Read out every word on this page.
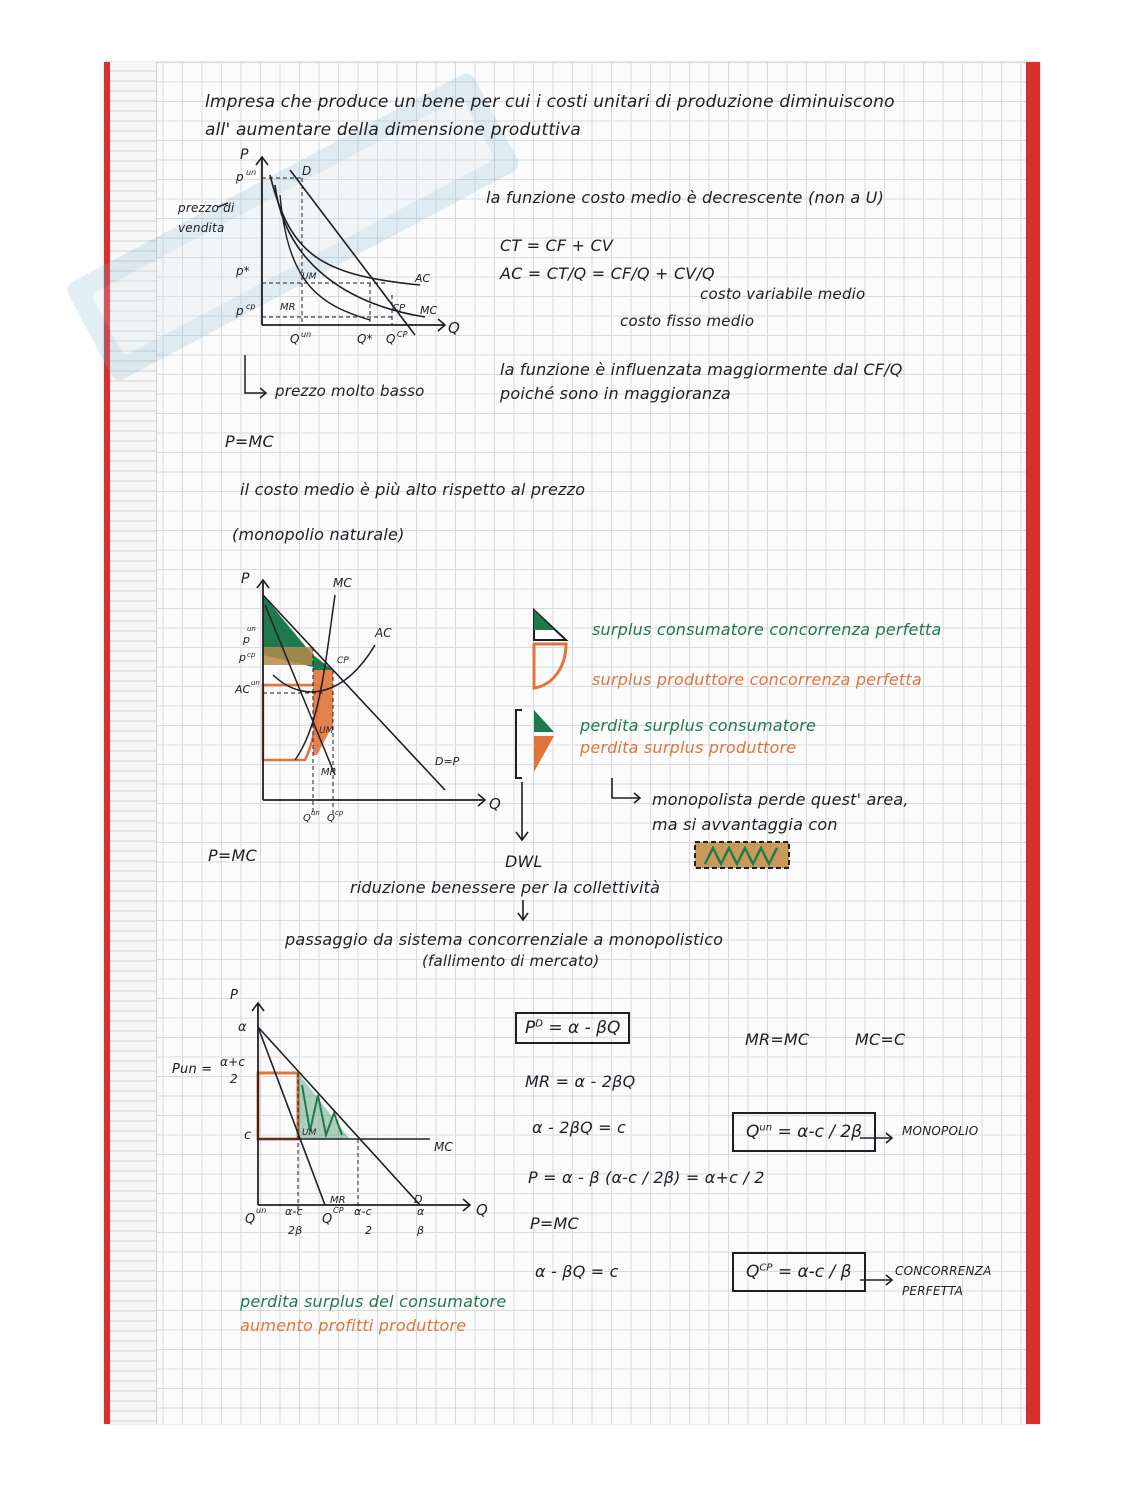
lmpresa che produce un bene per cui i costi unitari di produzione diminuiscono

all' aumentare della dimensione produttiva

P
Q
p un
p*
p cp
D
AC
MC
UM
MR	CP
Q un	Q* Q CP

prezzo di vendita

prezzo molto basso

la funzione costo medio è decrescente (non a U)

CT = CF + CV

AC = CT/Q = CF/Q + CV/Q

costo variabile medio

costo fisso medio

la funzione è influenzata maggiormente dal CF/Q

poiché sono in maggioranza

P=MC

il costo medio è più alto rispetto al prezzo

(monopolio naturale)

P
Q
MC
AC
CP
UM
MR
D=P
p
un
p cp
AC un
Q un Q cp

surplus consumatore concorrenza perfetta

surplus produttore concorrenza perfetta

perdita surplus consumatore

perdita surplus produttore

monopolista perde quest' area,

ma si avvantaggia con

P=MC	DWL

riduzione benessere per la collettività

passaggio da sistema concorrenziale a monopolistico

(fallimento di mercato)

P
Q
α
c
MC
UM
MR	D

Pun = α+c

2

Q

un α-c

2β

Q

CP α-c

2

α

β

$P^D = \alpha - \beta Q$

MR=MC	MC=C

MR = α - 2βQ

α - 2βQ = c

P = α - β (α-c / 2β) = α+c / 2

P=MC

α - βQ = c

$Q^{un} = \alpha-c / 2\beta$	MONOPOLIO

$Q^{CP} = \alpha-c / \beta$	CONCORRENZA

PERFETTA

perdita surplus del consumatore

aumento profitti produttore
